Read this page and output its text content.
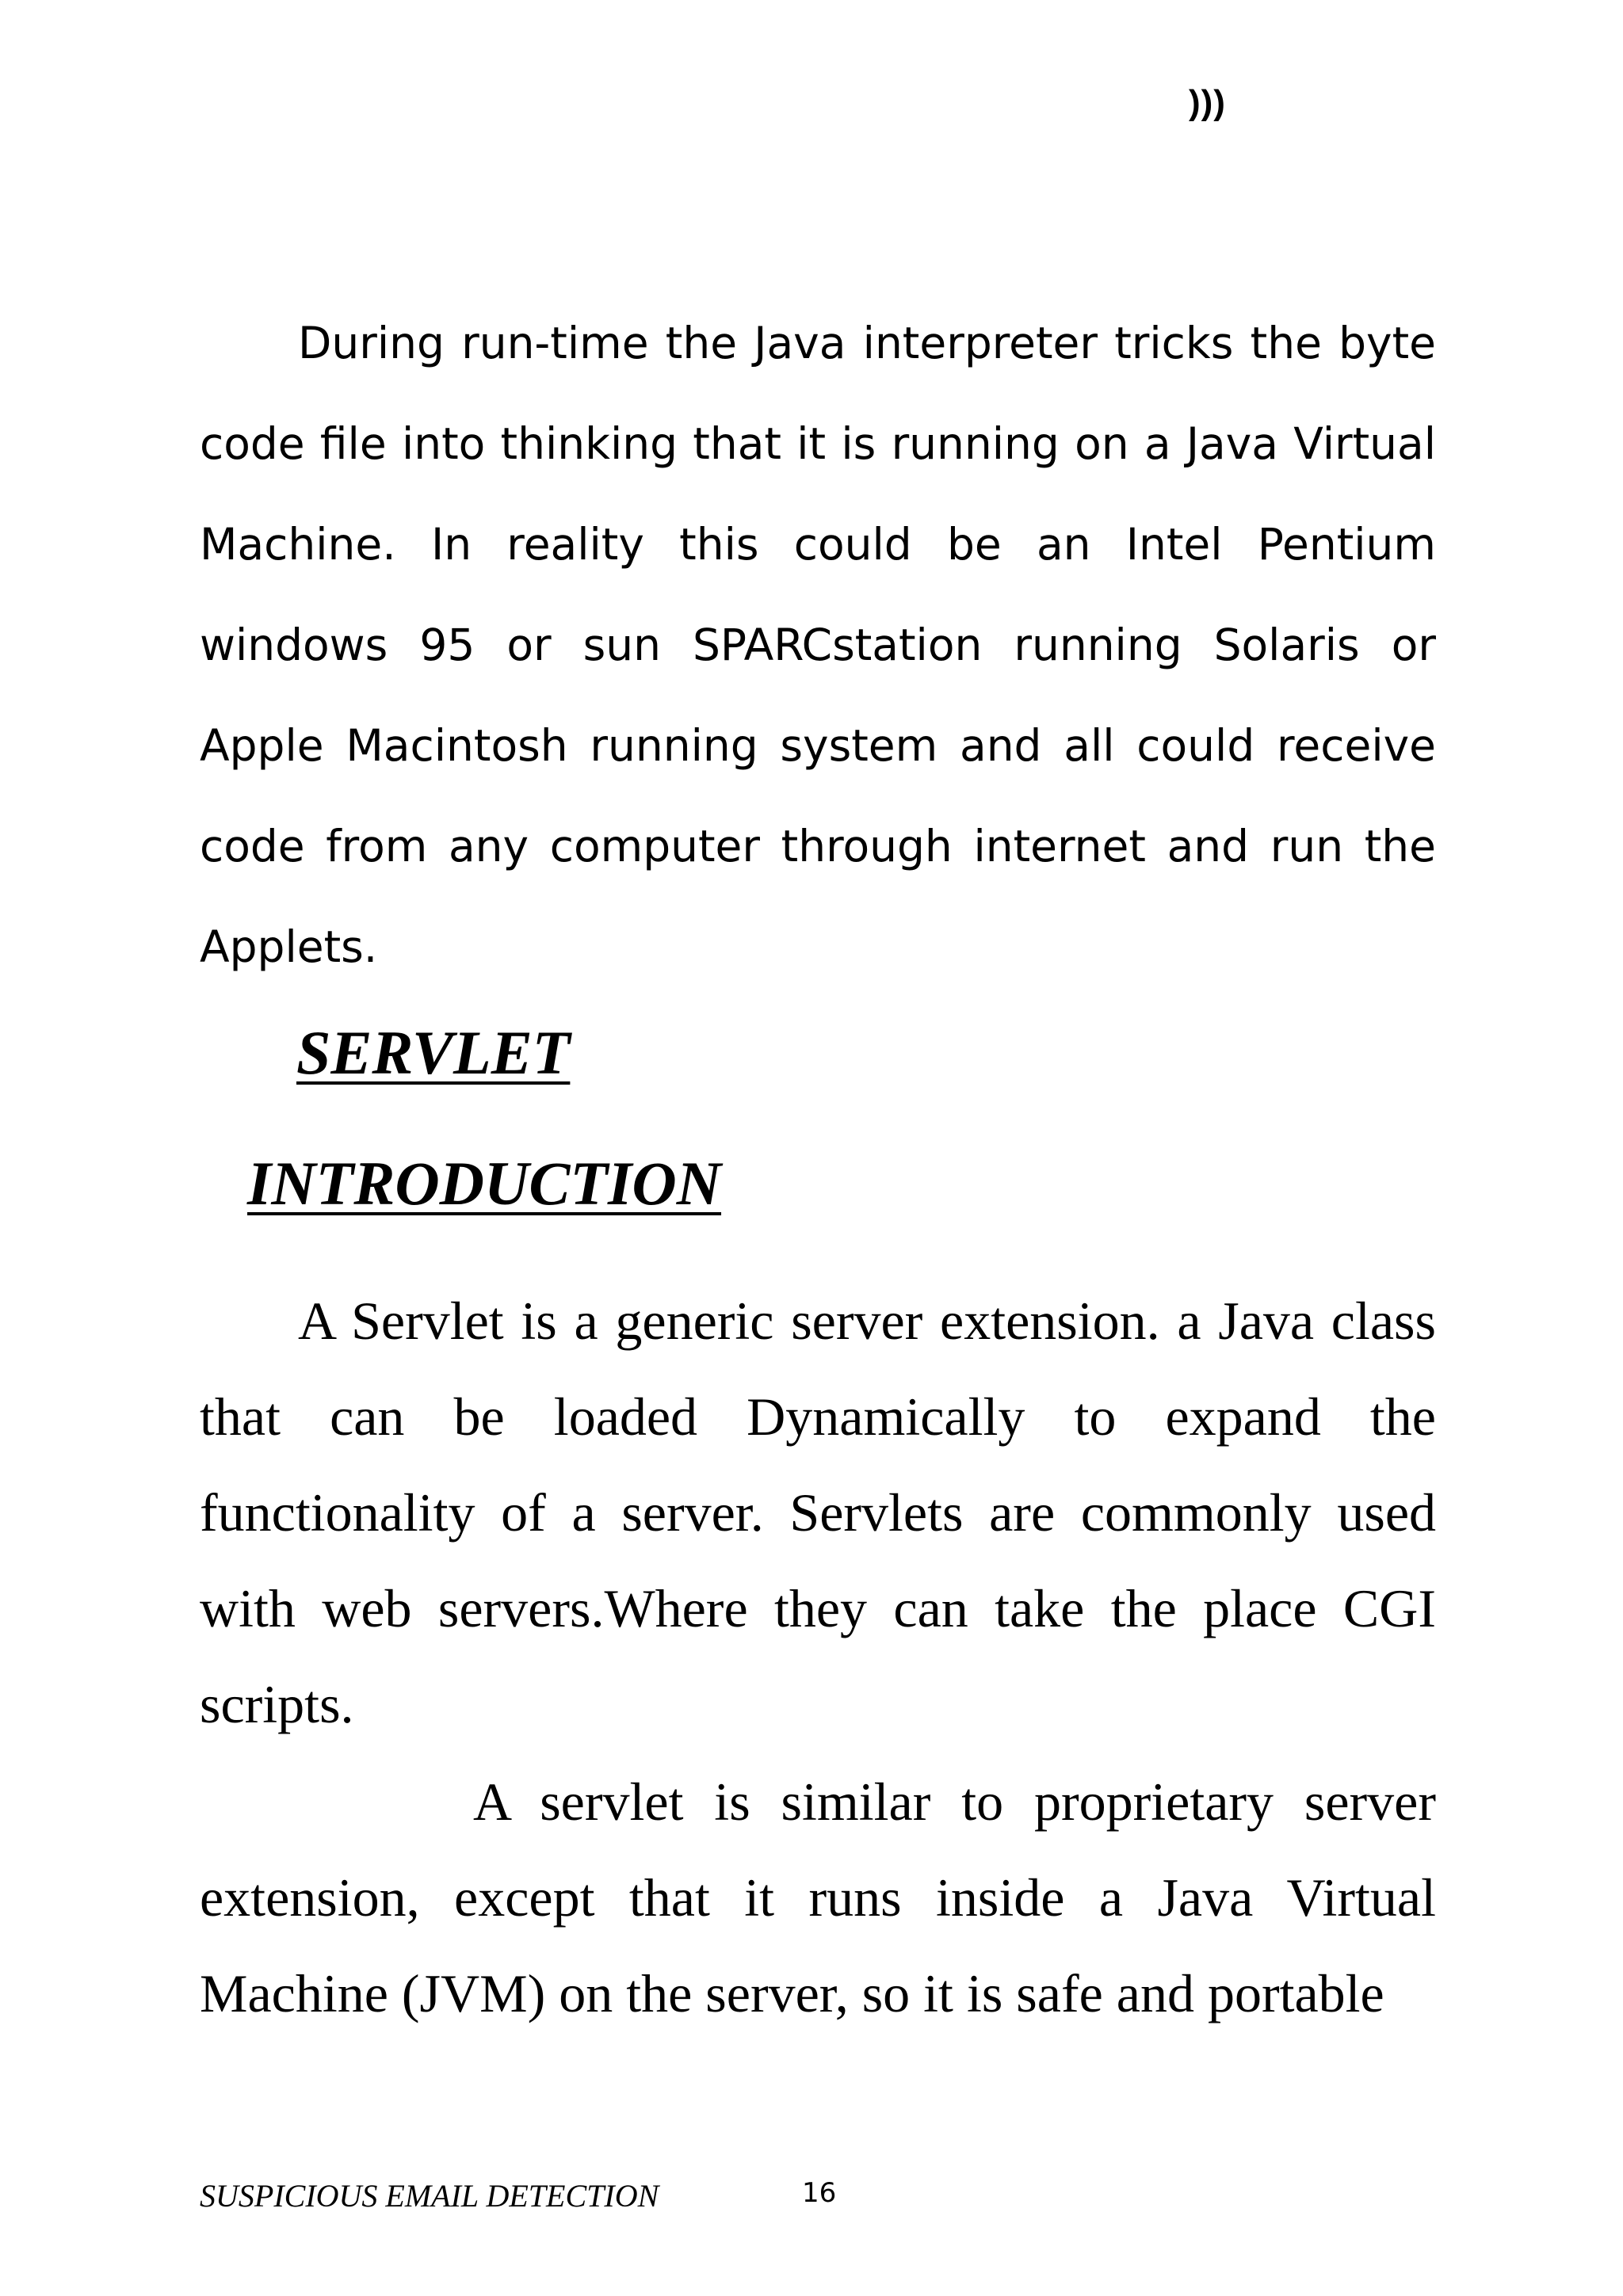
)))

During run-time the Java interpreter tricks the byte code file into thinking that it is running on a Java Virtual Machine. In reality this could be an Intel Pentium windows 95 or sun SPARCstation running Solaris or Apple Macintosh running system and all could receive code from any computer through internet and run the Applets.

SERVLET
INTRODUCTION

A Servlet is a generic server extension. a Java class that can be loaded Dynamically to expand the functionality of a server. Servlets are commonly used with web servers.Where they can take the place CGI scripts.

A servlet is similar to proprietary server extension, except that it runs inside a Java Virtual Machine (JVM) on the server, so it is safe and portable

SUSPICIOUS EMAIL DETECTION	16
